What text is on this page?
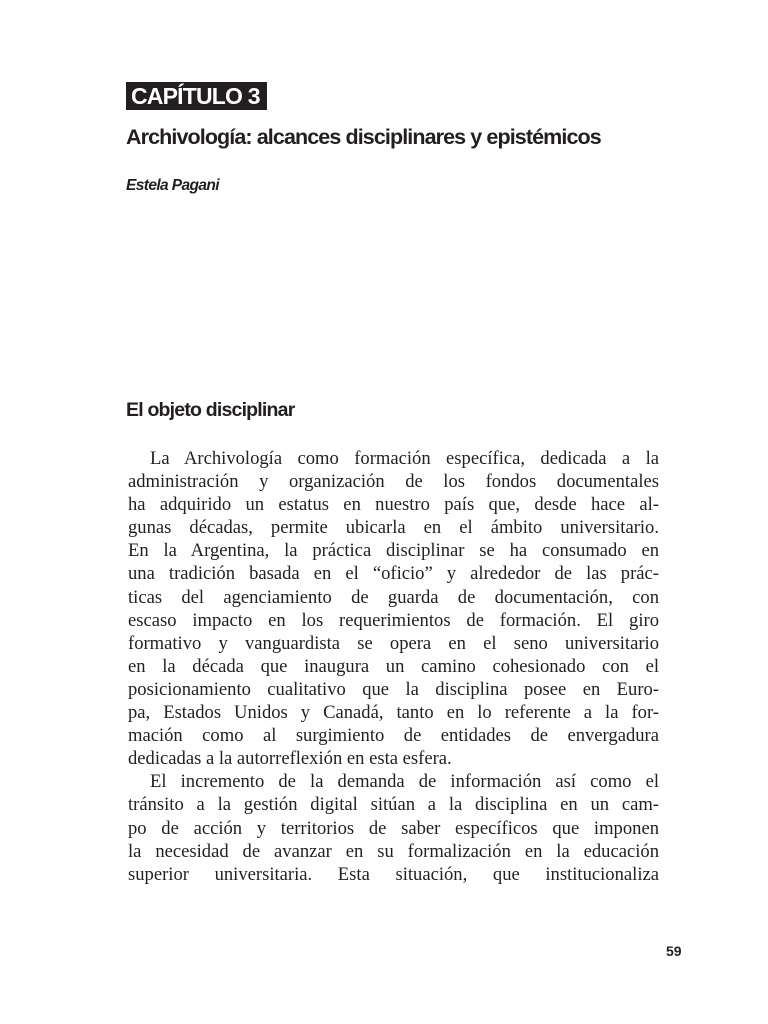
CAPÍTULO 3
Archivología: alcances disciplinares y epistémicos
Estela Pagani
El objeto disciplinar

La Archivología como formación específica, dedicada a la
administración y organización de los fondos documentales
ha adquirido un estatus en nuestro país que, desde hace al-
gunas décadas, permite ubicarla en el ámbito universitario.
En la Argentina, la práctica disciplinar se ha consumado en
una tradición basada en el “oficio” y alrededor de las prác-
ticas del agenciamiento de guarda de documentación, con
escaso impacto en los requerimientos de formación. El giro
formativo y vanguardista se opera en el seno universitario
en la década que inaugura un camino cohesionado con el
posicionamiento cualitativo que la disciplina posee en Euro-
pa, Estados Unidos y Canadá, tanto en lo referente a la for-
mación como al surgimiento de entidades de envergadura
dedicadas a la autorreflexión en esta esfera.

El incremento de la demanda de información así como el
tránsito a la gestión digital sitúan a la disciplina en un cam-
po de acción y territorios de saber específicos que imponen
la necesidad de avanzar en su formalización en la educación
superior universitaria. Esta situación, que institucionaliza

59
